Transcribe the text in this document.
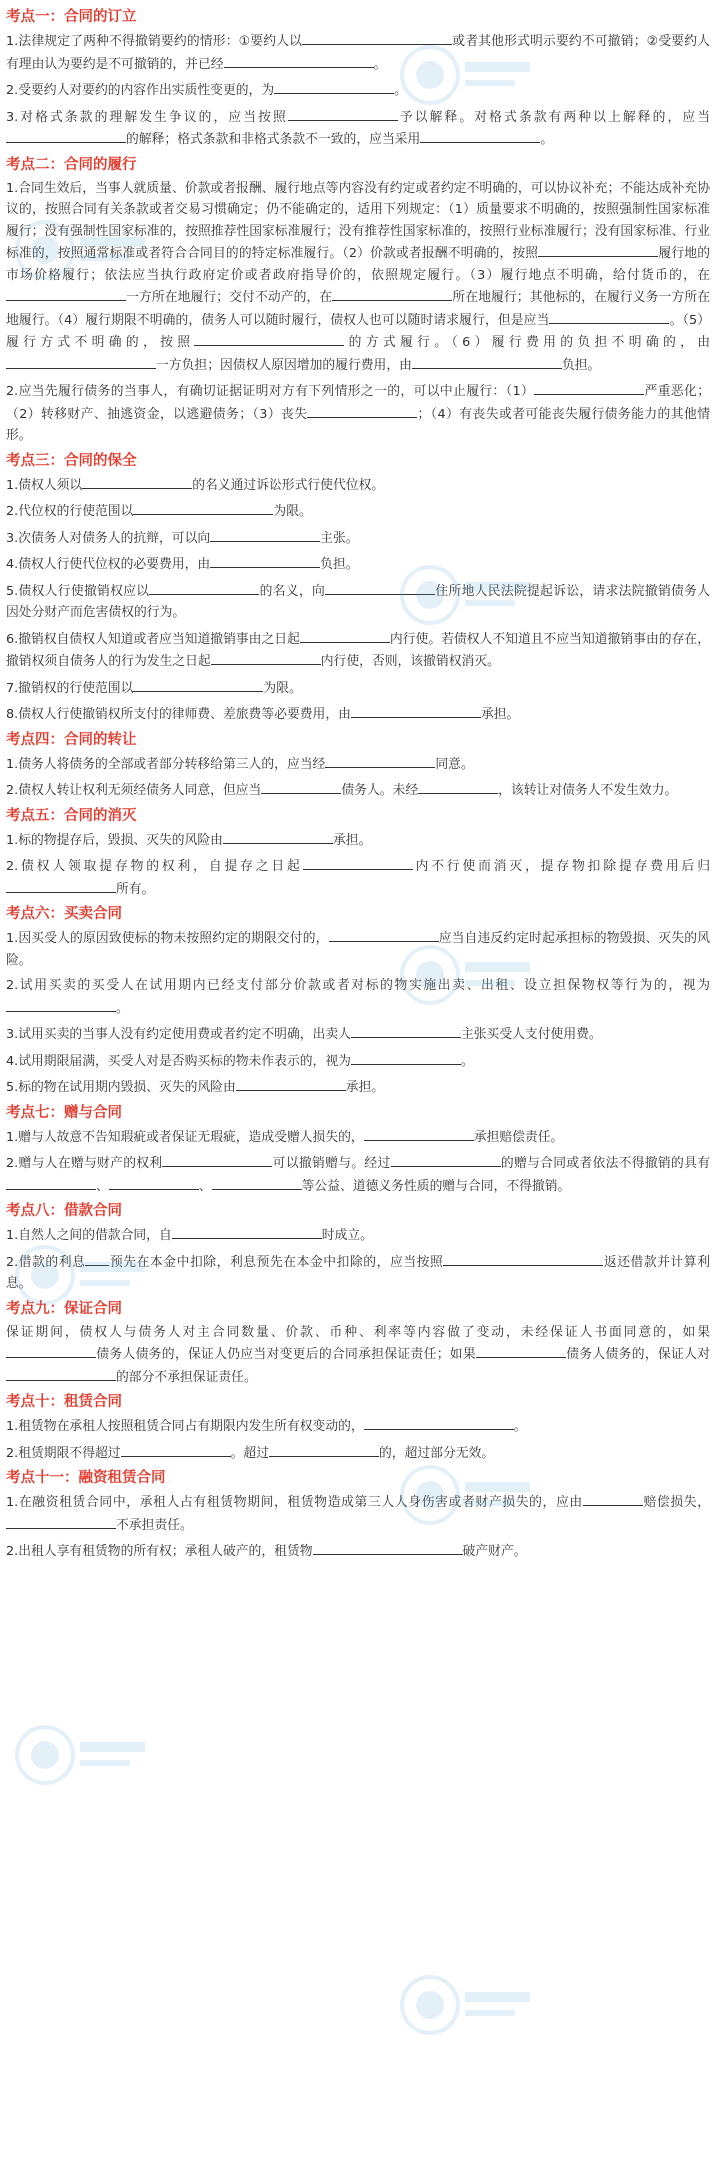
考点一：合同的订立
1.法律规定了两种不得撤销要约的情形：①要约人以	或者其他形式明示要约不可撤销；②受要约人有理由认为要约是不可撤销的，并已经	。
2.受要约人对要约的内容作出实质性变更的，为	。
3.对格式条款的理解发生争议的，应当按照	予以解释。对格式条款有两种以上解释的，应当的解释；格式条款和非格式条款不一致的，应当采用	。
考点二：合同的履行
1.合同生效后，当事人就质量、价款或者报酬、履行地点等内容没有约定或者约定不明确的，可以协议补充；不能达成补充协议的，按照合同有关条款或者交易习惯确定；仍不能确定的，适用下列规定：（1）质量要求不明确的，按照强制性国家标准履行；没有强制性国家标准的，按照推荐性国家标准履行；没有推荐性国家标准的，按照行业标准履行；没有国家标准、行业标准的，按照通常标准或者符合合同目的的特定标准履行。（2）价款或者报酬不明确的，按照	履行地的市场价格履行；依法应当执行政府定价或者政府指导价的，依照规定履行。（3）履行地点不明确，给付货币的，在一方所在地履行；交付不动产的，在	所在地履行；其他标的，在履行义务一方所在地履行。（4）履行期限不明确的，债务人可以随时履行，债权人也可以随时请求履行，但是应当	。（5）履行方式不明确的，按照	的方式履行。（6）履行费用的负担不明确的，由一方负担；因债权人原因增加的履行费用，由	负担。
2.应当先履行债务的当事人，有确切证据证明对方有下列情形之一的，可以中止履行：（1）	严重恶化；（2）转移财产、抽逃资金，以逃避债务；（3）丧失	；（4）有丧失或者可能丧失履行债务能力的其他情形。
考点三：合同的保全
1.债权人须以	的名义通过诉讼形式行使代位权。
2.代位权的行使范围以	为限。
3.次债务人对债务人的抗辩，可以向	主张。
4.债权人行使代位权的必要费用，由	负担。
5.债权人行使撤销权应以	的名义，向	住所地人民法院提起诉讼，请求法院撤销债务人因处分财产而危害债权的行为。
6.撤销权自债权人知道或者应当知道撤销事由之日起	内行使。若债权人不知道且不应当知道撤销事由的存在，撤销权须自债务人的行为发生之日起	内行使，否则，该撤销权消灭。
7.撤销权的行使范围以	为限。
8.债权人行使撤销权所支付的律师费、差旅费等必要费用，由	承担。
考点四：合同的转让
1.债务人将债务的全部或者部分转移给第三人的，应当经	同意。
2.债权人转让权利无须经债务人同意，但应当	债务人。未经	，该转让对债务人不发生效力。
考点五：合同的消灭
1.标的物提存后，毁损、灭失的风险由	承担。
2.债权人领取提存物的权利，自提存之日起	内不行使而消灭，提存物扣除提存费用后归所有。
考点六：买卖合同
1.因买受人的原因致使标的物未按照约定的期限交付的，	应当自违反约定时起承担标的物毁损、灭失的风险。
2.试用买卖的买受人在试用期内已经支付部分价款或者对标的物实施出卖、出租、设立担保物权等行为的，视为。
3.试用买卖的当事人没有约定使用费或者约定不明确，出卖人	主张买受人支付使用费。
4.试用期限届满，买受人对是否购买标的物未作表示的，视为	。
5.标的物在试用期内毁损、灭失的风险由	承担。
考点七：赠与合同
1.赠与人故意不告知瑕疵或者保证无瑕疵，造成受赠人损失的，	承担赔偿责任。
2.赠与人在赠与财产的权利	可以撤销赠与。经过	的赠与合同或者依法不得撤销的具有、	、	等公益、道德义务性质的赠与合同，不得撤销。
考点八：借款合同
1.自然人之间的借款合同，自	时成立。
2.借款的利息 预先在本金中扣除，利息预先在本金中扣除的，应当按照	返还借款并计算利息。
考点九：保证合同
保证期间，债权人与债务人对主合同数量、价款、币种、利率等内容做了变动，未经保证人书面同意的，如果债务人债务的，保证人仍应当对变更后的合同承担保证责任；如果	债务人债务的，保证人对的部分不承担保证责任。
考点十：租赁合同
1.租赁物在承租人按照租赁合同占有期限内发生所有权变动的，	。
2.租赁期限不得超过	。超过	的，超过部分无效。
考点十一：融资租赁合同
1.在融资租赁合同中，承租人占有租赁物期间，租赁物造成第三人人身伤害或者财产损失的，应由	赔偿损失，不承担责任。
2.出租人享有租赁物的所有权；承租人破产的，租赁物	破产财产。
